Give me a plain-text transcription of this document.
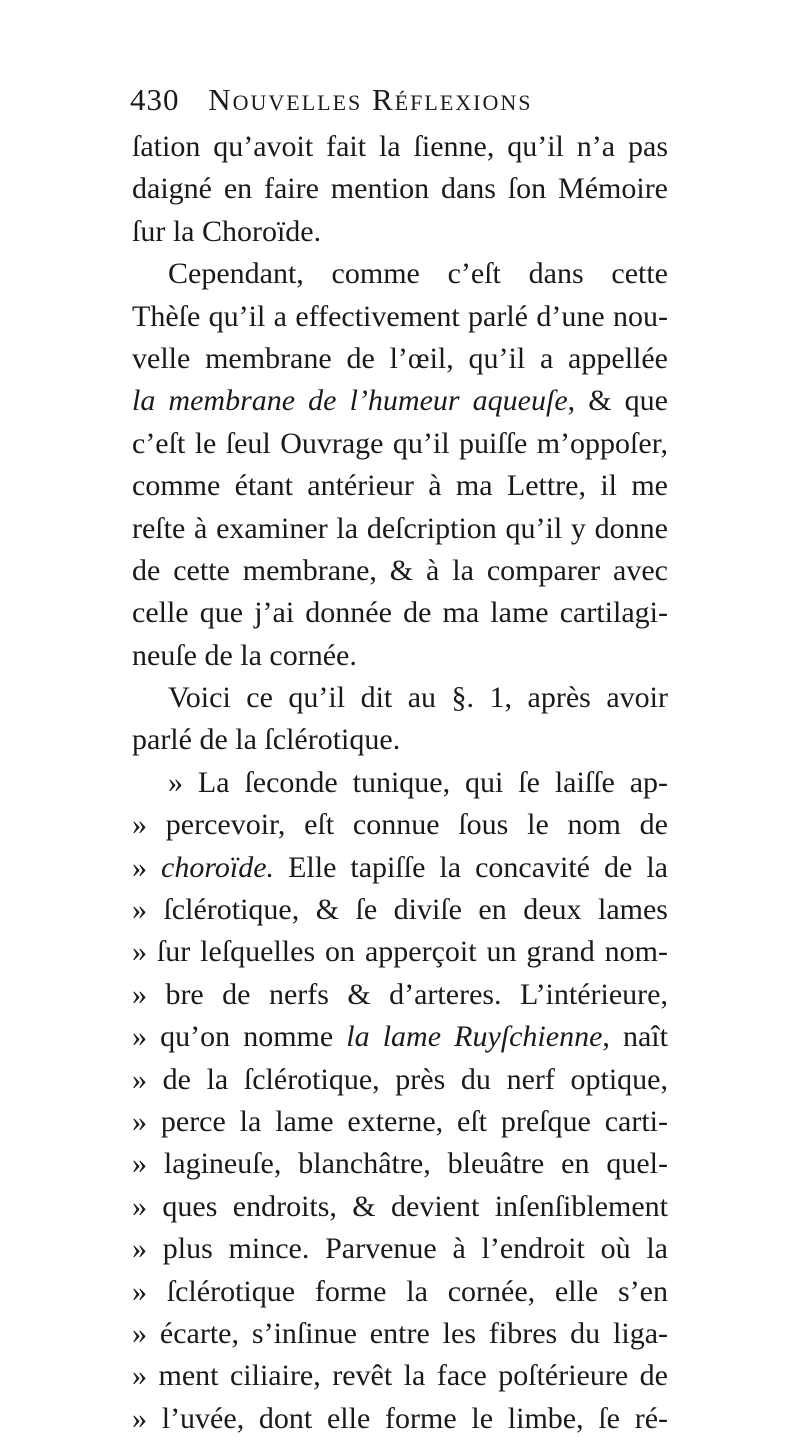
430 Nouvelles Réflexions
ſation qu’avoit fait la ſienne, qu’il n’a pas
daigné en faire mention dans ſon Mémoire
ſur la Choroïde.
Cependant, comme c’eſt dans cette
Thèſe qu’il a effectivement parlé d’une nou-
velle membrane de l’œil, qu’il a appellée
la membrane de l’humeur aqueuſe, & que
c’eſt le ſeul Ouvrage qu’il puiſſe m’oppoſer,
comme étant antérieur à ma Lettre, il me
reſte à examiner la deſcription qu’il y donne
de cette membrane, & à la comparer avec
celle que j’ai donnée de ma lame cartilagi-
neuſe de la cornée.
Voici ce qu’il dit au §. 1, après avoir
parlé de la ſclérotique.
» La ſeconde tunique, qui ſe laiſſe ap-
» percevoir, eſt connue ſous le nom de
» choroïde. Elle tapiſſe la concavité de la
» ſclérotique, & ſe diviſe en deux lames
» ſur leſquelles on apperçoit un grand nom-
» bre de nerfs & d’arteres. L’intérieure,
» qu’on nomme la lame Ruyſchienne, naît
» de la ſclérotique, près du nerf optique,
» perce la lame externe, eſt preſque carti-
» lagineuſe, blanchâtre, bleuâtre en quel-
» ques endroits, & devient inſenſiblement
» plus mince. Parvenue à l’endroit où la
» ſclérotique forme la cornée, elle s’en
» écarte, s’inſinue entre les fibres du liga-
» ment ciliaire, revêt la face poſtérieure de
» l’uvée, dont elle forme le limbe, ſe ré-
